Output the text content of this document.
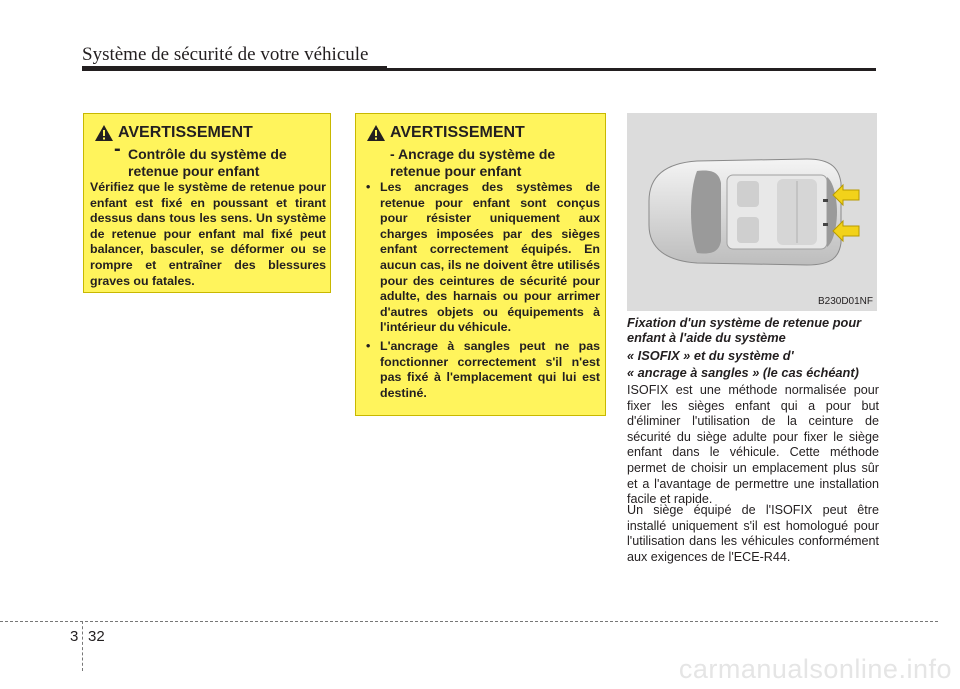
Système de sécurité de votre véhicule
AVERTISSEMENT
- Contrôle du système de retenue pour enfant
Vérifiez que le système de retenue pour enfant est fixé en poussant et tirant dessus dans tous les sens. Un système de retenue pour enfant mal fixé peut balancer, basculer, se déformer ou se rompre et entraîner des blessures graves ou fatales.
AVERTISSEMENT
- Ancrage du système de retenue pour enfant
• Les ancrages des systèmes de retenue pour enfant sont conçus pour résister uniquement aux charges imposées par des sièges enfant correctement équipés. En aucun cas, ils ne doivent être utilisés pour des ceintures de sécurité pour adulte, des harnais ou pour arrimer d'autres objets ou équipements à l'intérieur du véhicule.
• L'ancrage à sangles peut ne pas fonctionner correctement s'il n'est pas fixé à l'emplacement qui lui est destiné.
B230D01NF
Fixation d'un système de retenue pour enfant à l'aide du système
« ISOFIX » et du système d'
« ancrage à sangles » (le cas échéant)
ISOFIX est une méthode normalisée pour fixer les sièges enfant qui a pour but d'éliminer l'utilisation de la ceinture de sécurité du siège adulte pour fixer le siège enfant dans le véhicule. Cette méthode permet de choisir un emplacement plus sûr et a l'avantage de permettre une installation facile et rapide.
Un siège équipé de l'ISOFIX peut être installé uniquement s'il est homologué pour l'utilisation dans les véhicules conformément aux exigences de l'ECE-R44.
3 32
carmanualsonline.info
